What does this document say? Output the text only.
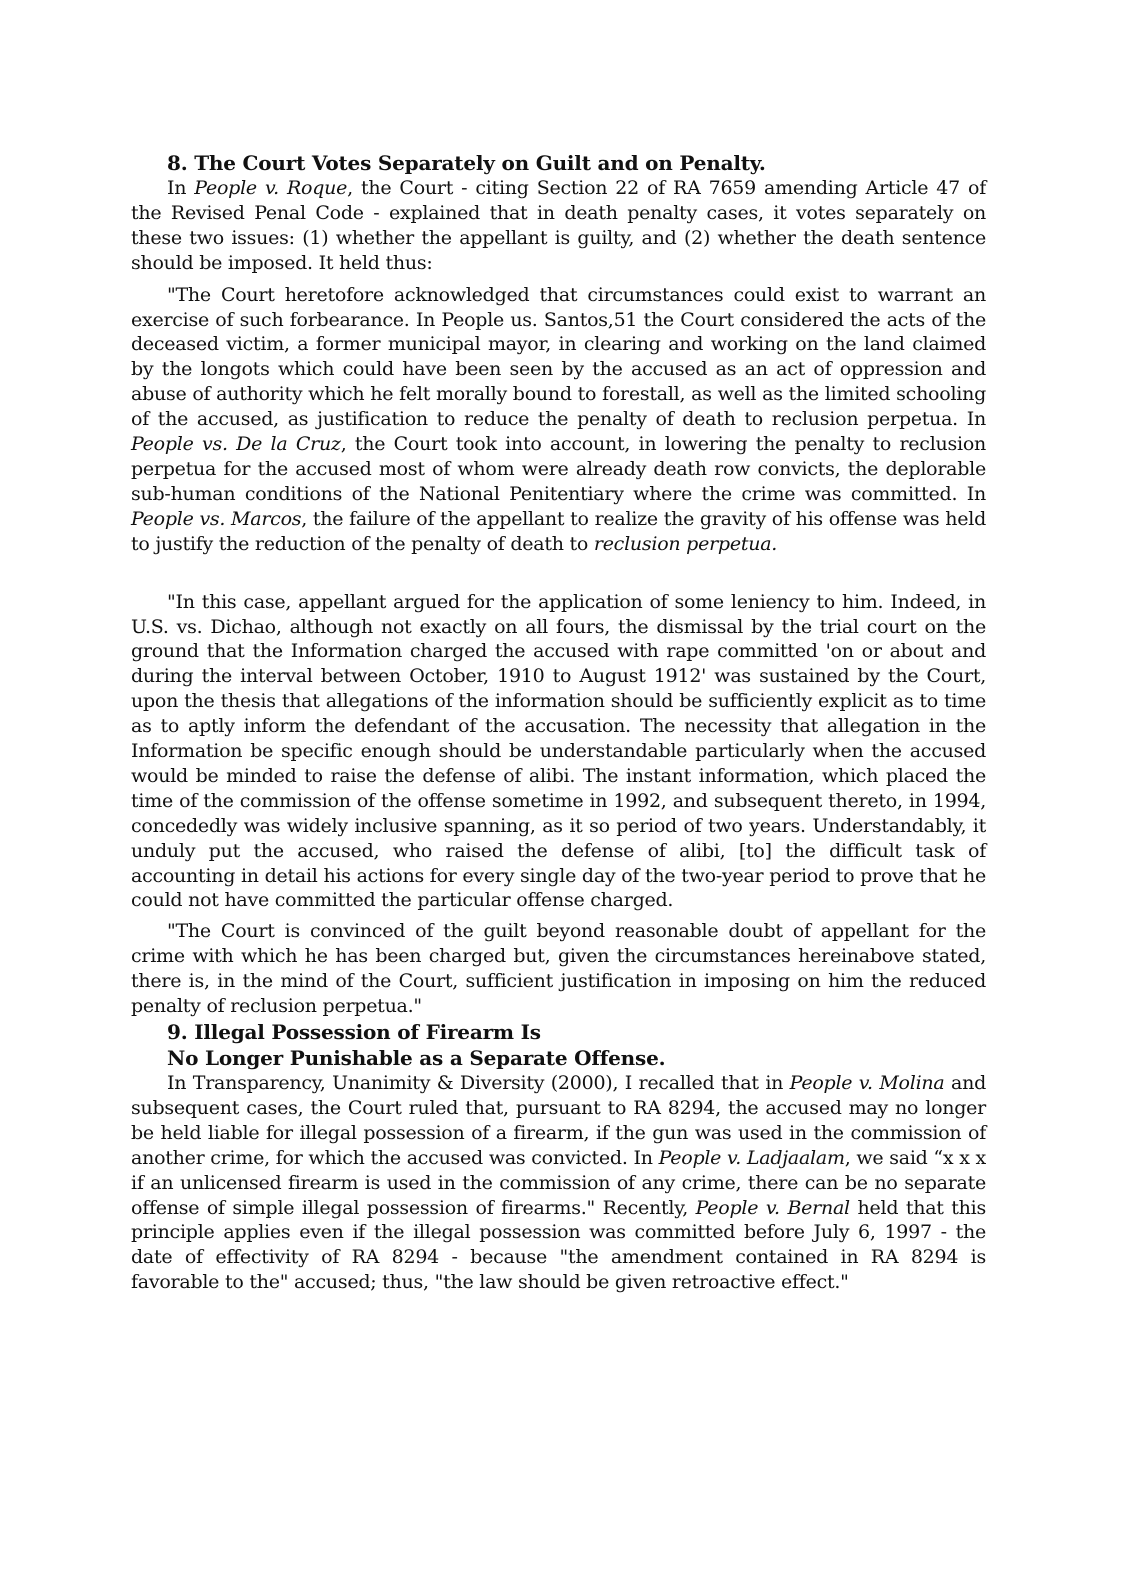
8. The Court Votes Separately on Guilt and on Penalty.

In People v. Roque, the Court - citing Section 22 of RA 7659 amending Article 47 of the Revised Penal Code - explained that in death penalty cases, it votes separately on these two issues: (1) whether the appellant is guilty, and (2) whether the death sentence should be imposed. It held thus:

"The Court heretofore acknowledged that circumstances could exist to warrant an exercise of such forbearance. In People us. Santos,51 the Court considered the acts of the deceased victim, a former municipal mayor, in clearing and working on the land claimed by the longots which could have been seen by the accused as an act of oppression and abuse of authority which he felt morally bound to forestall, as well as the limited schooling of the accused, as justification to reduce the penalty of death to reclusion perpetua. In People vs. De la Cruz, the Court took into account, in lowering the penalty to reclusion perpetua for the accused most of whom were already death row convicts, the deplorable sub-human conditions of the National Penitentiary where the crime was committed. In People vs. Marcos, the failure of the appellant to realize the gravity of his offense was held to justify the reduction of the penalty of death to reclusion perpetua.

"In this case, appellant argued for the application of some leniency to him. Indeed, in U.S. vs. Dichao, although not exactly on all fours, the dismissal by the trial court on the ground that the Information charged the accused with rape committed 'on or about and during the interval between October, 1910 to August 1912' was sustained by the Court, upon the thesis that allegations of the information should be sufficiently explicit as to time as to aptly inform the defendant of the accusation. The necessity that allegation in the Information be specific enough should be understandable particularly when the accused would be minded to raise the defense of alibi. The instant information, which placed the time of the commission of the offense sometime in 1992, and subsequent thereto, in 1994, concededly was widely inclusive spanning, as it so period of two years. Understandably, it unduly put the accused, who raised the defense of alibi, [to] the difficult task of accounting in detail his actions for every single day of the two-year period to prove that he could not have committed the particular offense charged.

"The Court is convinced of the guilt beyond reasonable doubt of appellant for the crime with which he has been charged but, given the circumstances hereinabove stated, there is, in the mind of the Court, sufficient justification in imposing on him the reduced penalty of reclusion perpetua."

9. Illegal Possession of Firearm Is
No Longer Punishable as a Separate Offense.

In Transparency, Unanimity & Diversity (2000), I recalled that in People v. Molina and subsequent cases, the Court ruled that, pursuant to RA 8294, the accused may no longer be held liable for illegal possession of a firearm, if the gun was used in the commission of another crime, for which the accused was convicted. In People v. Ladjaalam, we said “x x x if an unlicensed firearm is used in the commission of any crime, there can be no separate offense of simple illegal possession of firearms." Recently, People v. Bernal held that this principle applies even if the illegal possession was committed before July 6, 1997 - the date of effectivity of RA 8294 - because "the amendment contained in RA 8294 is favorable to the" accused; thus, "the law should be given retroactive effect."
